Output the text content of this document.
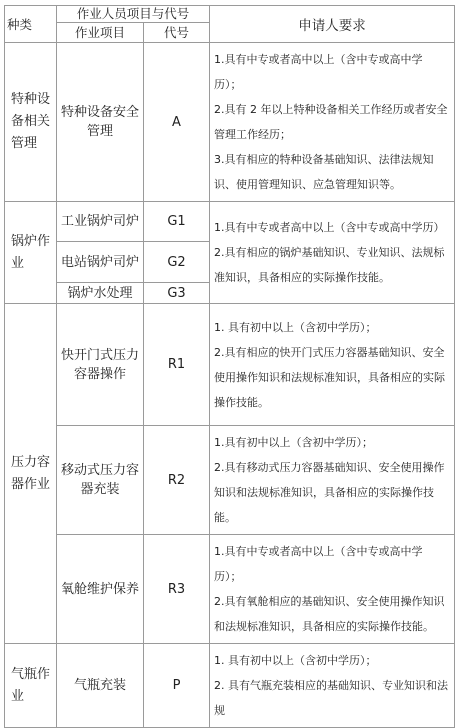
种类	作业人员项目与代号		申请人要求
	作业项目	代号	
特种设备相关管理	特种设备安全管理	A	1.具有中专或者高中以上（含中专或高中学历）；

2.具有 2 年以上特种设备相关工作经历或者安全管理工作经历；

3.具有相应的特种设备基础知识、法律法规知识、使用管理知识、应急管理知识等。

锅炉作业	工业锅炉司炉	G1	1.具有中专或者高中以上（含中专或高中学历）

2.具有相应的锅炉基础知识、专业知识、法规标准知识，具备相应的实际操作技能。

	电站锅炉司炉	G2	
	锅炉水处理	G3	
压力容器作业	快开门式压力容器操作	R1	1. 具有初中以上（含初中学历）；

2.具有相应的快开门式压力容器基础知识、安全使用操作知识和法规标准知识，具备相应的实际操作技能。

	移动式压力容器充装	R2	1.具有初中以上（含初中学历）；

2.具有移动式压力容器基础知识、安全使用操作知识和法规标准知识，具备相应的实际操作技能。

	氧舱维护保养	R3	1.具有中专或者高中以上（含中专或高中学历）；

2.具有氧舱相应的基础知识、安全使用操作知识和法规标准知识，具备相应的实际操作技能。

气瓶作业	气瓶充装	P	1. 具有初中以上（含初中学历）；

2. 具有气瓶充装相应的基础知识、专业知识和法规
